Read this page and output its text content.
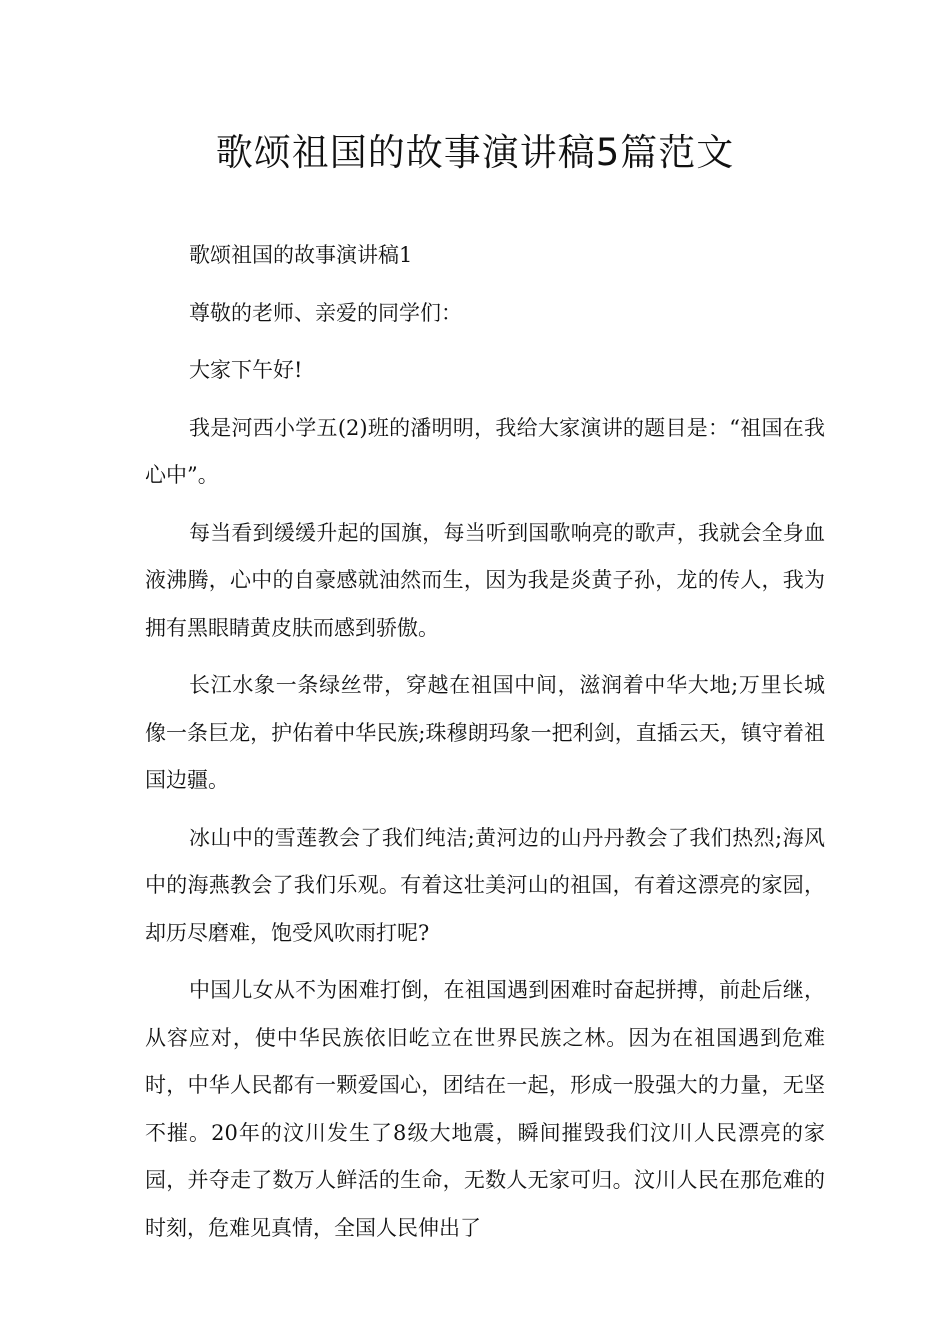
歌颂祖国的故事演讲稿5篇范文

歌颂祖国的故事演讲稿1

尊敬的老师、亲爱的同学们：

大家下午好!

我是河西小学五(2)班的潘明明，我给大家演讲的题目是：“祖国在我心中”。

每当看到缓缓升起的国旗，每当听到国歌响亮的歌声，我就会全身血液沸腾，心中的自豪感就油然而生，因为我是炎黄子孙，龙的传人，我为拥有黑眼睛黄皮肤而感到骄傲。

长江水象一条绿丝带，穿越在祖国中间，滋润着中华大地;万里长城像一条巨龙，护佑着中华民族;珠穆朗玛象一把利剑，直插云天，镇守着祖国边疆。

冰山中的雪莲教会了我们纯洁;黄河边的山丹丹教会了我们热烈;海风中的海燕教会了我们乐观。有着这壮美河山的祖国，有着这漂亮的家园，却历尽磨难，饱受风吹雨打呢?

中国儿女从不为困难打倒，在祖国遇到困难时奋起拼搏，前赴后继，从容应对，使中华民族依旧屹立在世界民族之林。因为在祖国遇到危难时，中华人民都有一颗爱国心，团结在一起，形成一股强大的力量，无坚不摧。20年的汶川发生了8级大地震，瞬间摧毁我们汶川人民漂亮的家园，并夺走了数万人鲜活的生命，无数人无家可归。汶川人民在那危难的时刻，危难见真情，全国人民伸出了
